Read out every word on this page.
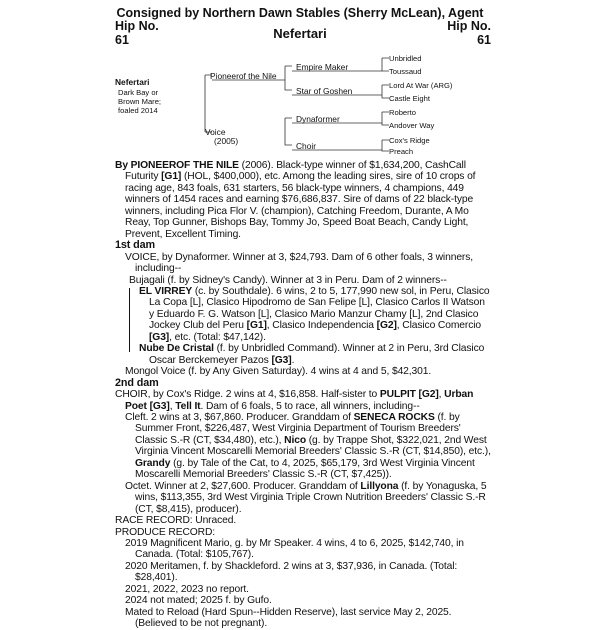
Consigned by Northern Dawn Stables (Sherry McLean), Agent
Hip No.
61
Hip No.
61
Nefertari
Nefertari
Dark Bay or
Brown Mare;
foaled 2014
Pioneerof the Nile
Voice
(2005)
Empire Maker
Star of Goshen
Dynaformer
Choir
Unbridled
Toussaud
Lord At War (ARG)
Castle Eight
Roberto
Andover Way
Cox's Ridge
Preach

By PIONEEROF THE NILE (2006). Black-type winner of $1,634,200, CashCall Futurity [G1] (HOL, $400,000), etc. Among the leading sires, sire of 10 crops of racing age, 843 foals, 631 starters, 56 black-type winners, 4 champions, 449 winners of 1454 races and earning $76,686,837. Sire of dams of 22 black-type winners, including Pica Flor V. (champion), Catching Freedom, Durante, A Mo Reay, Top Gunner, Bishops Bay, Tommy Jo, Speed Boat Beach, Candy Light, Prevent, Excellent Timing.

1st dam

VOICE, by Dynaformer. Winner at 3, $24,793. Dam of 6 other foals, 3 winners, including--

Bujagali (f. by Sidney's Candy). Winner at 3 in Peru. Dam of 2 winners--

EL VIRREY (c. by Southdale). 6 wins, 2 to 5, 177,990 new sol, in Peru, Clasico La Copa [L], Clasico Hipodromo de San Felipe [L], Clasico Carlos II Watson y Eduardo F. G. Watson [L], Clasico Mario Manzur Chamy [L], 2nd Clasico Jockey Club del Peru [G1], Clasico Independencia [G2], Clasico Comercio [G3], etc. (Total: $47,142).

Nube De Cristal (f. by Unbridled Command). Winner at 2 in Peru, 3rd Clasico Oscar Berckemeyer Pazos [G3].

Mongol Voice (f. by Any Given Saturday). 4 wins at 4 and 5, $42,301.

2nd dam

CHOIR, by Cox's Ridge. 2 wins at 4, $16,858. Half-sister to PULPIT [G2], Urban Poet [G3], Tell It. Dam of 6 foals, 5 to race, all winners, including--

Cleft. 2 wins at 3, $67,860. Producer. Granddam of SENECA ROCKS (f. by Summer Front, $226,487, West Virginia Department of Tourism Breeders' Classic S.-R (CT, $34,480), etc.), Nico (g. by Trappe Shot, $322,021, 2nd West Virginia Vincent Moscarelli Memorial Breeders' Classic S.-R (CT, $14,850), etc.), Grandy (g. by Tale of the Cat, to 4, 2025, $65,179, 3rd West Virginia Vincent Moscarelli Memorial Breeders' Classic S.-R (CT, $7,425)).

Octet. Winner at 2, $27,600. Producer. Granddam of Lillyona (f. by Yonaguska, 5 wins, $113,355, 3rd West Virginia Triple Crown Nutrition Breeders' Classic S.-R (CT, $8,415), producer).

RACE RECORD: Unraced.

PRODUCE RECORD:

2019 Magnificent Mario, g. by Mr Speaker. 4 wins, 4 to 6, 2025, $142,740, in Canada. (Total: $105,767).

2020 Meritamen, f. by Shackleford. 2 wins at 3, $37,936, in Canada. (Total: $28,401).

2021, 2022, 2023 no report.

2024 not mated; 2025 f. by Gufo.

Mated to Reload (Hard Spun--Hidden Reserve), last service May 2, 2025. (Believed to be not pregnant).
